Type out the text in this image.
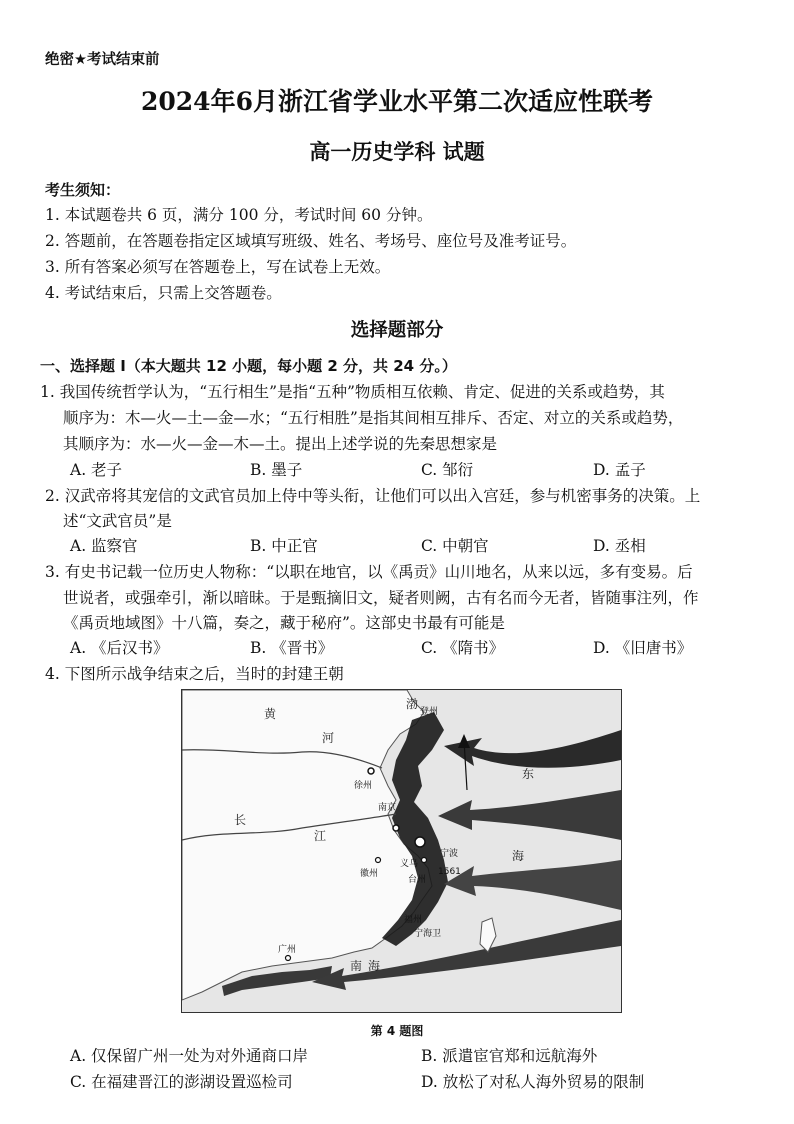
绝密★考试结束前
2024年6月浙江省学业水平第二次适应性联考
高一历史学科 试题
考生须知：
1. 本试题卷共 6 页，满分 100 分，考试时间 60 分钟。
2. 答题前，在答题卷指定区域填写班级、姓名、考场号、座位号及准考证号。
3. 所有答案必须写在答题卷上，写在试卷上无效。
4. 考试结束后，只需上交答题卷。
选择题部分
一、选择题 I（本大题共 12 小题，每小题 2 分，共 24 分。）
1. 我国传统哲学认为，“五行相生”是指“五种”物质相互依赖、肯定、促进的关系或趋势，其
顺序为：木—火—土—金—水；“五行相胜”是指其间相互排斥、否定、对立的关系或趋势，
其顺序为：水—火—金—木—土。提出上述学说的先秦思想家是
A. 老子	B. 墨子	C. 邹衍	D. 孟子
2. 汉武帝将其宠信的文武官员加上侍中等头衔，让他们可以出入宫廷，参与机密事务的决策。上
述“文武官员”是
A. 监察官	B. 中正官	C. 中朝官	D. 丞相
3. 有史书记载一位历史人物称：“以职在地官，以《禹贡》山川地名，从来以远，多有变易。后
世说者，或强牵引，渐以暗昧。于是甄摘旧文，疑者则阙，古有名而今无者，皆随事注列，作
《禹贡地域图》十八篇，奏之，藏于秘府”。这部史书最有可能是
A. 《后汉书》	B. 《晋书》	C. 《隋书》	D. 《旧唐书》
4. 下图所示战争结束之后，当时的封建王朝
黄
河
长
江
东
海
渤
南 海
登州
徐州
南京
徽州
义乌
台州
宁波
1561
福州
宁海卫
广州
第 4 题图
A. 仅保留广州一处为对外通商口岸	B. 派遣宦官郑和远航海外
C. 在福建晋江的澎湖设置巡检司	D. 放松了对私人海外贸易的限制
